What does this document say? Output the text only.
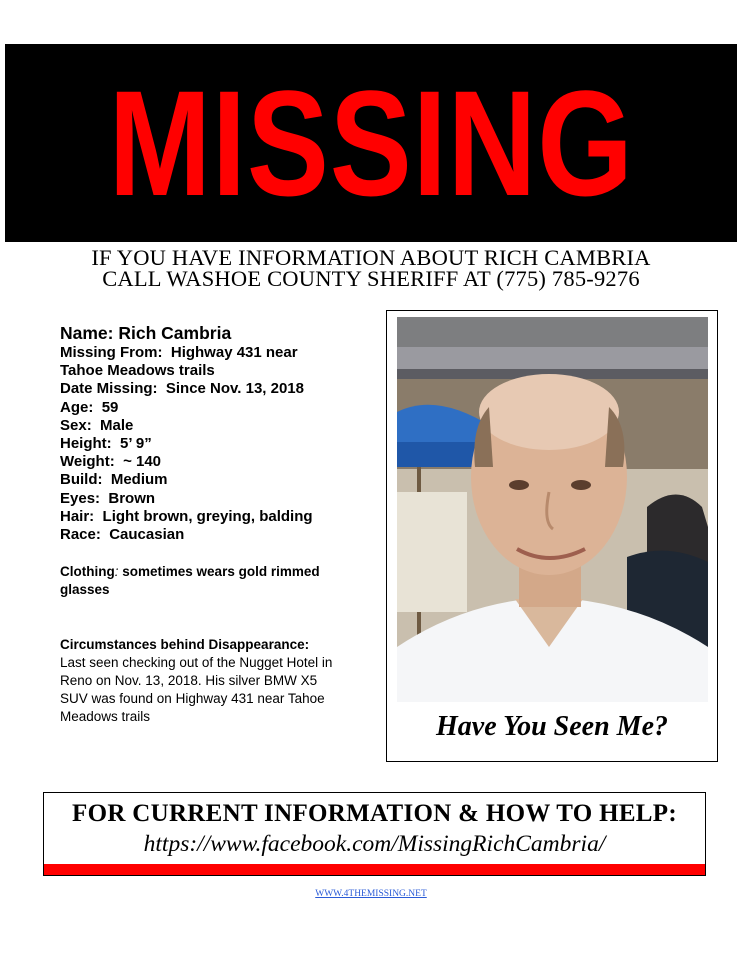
MISSING
IF YOU HAVE INFORMATION ABOUT RICH CAMBRIA
CALL WASHOE COUNTY SHERIFF AT (775) 785-9276
Name: Rich Cambria
Missing From: Highway 431 near
Tahoe Meadows trails
Date Missing: Since Nov. 13, 2018
Age: 59
Sex: Male
Height: 5’ 9”
Weight: ~ 140
Build: Medium
Eyes: Brown
Hair: Light brown, greying, balding
Race: Caucasian
Clothing: sometimes wears gold rimmed
glasses
Circumstances behind Disappearance:
Last seen checking out of the Nugget Hotel in
Reno on Nov. 13, 2018. His silver BMW X5
SUV was found on Highway 431 near Tahoe
Meadows trails	Have You Seen Me?
FOR CURRENT INFORMATION & HOW TO HELP:
https://www.facebook.com/MissingRichCambria/
WWW.4THEMISSING.NET
